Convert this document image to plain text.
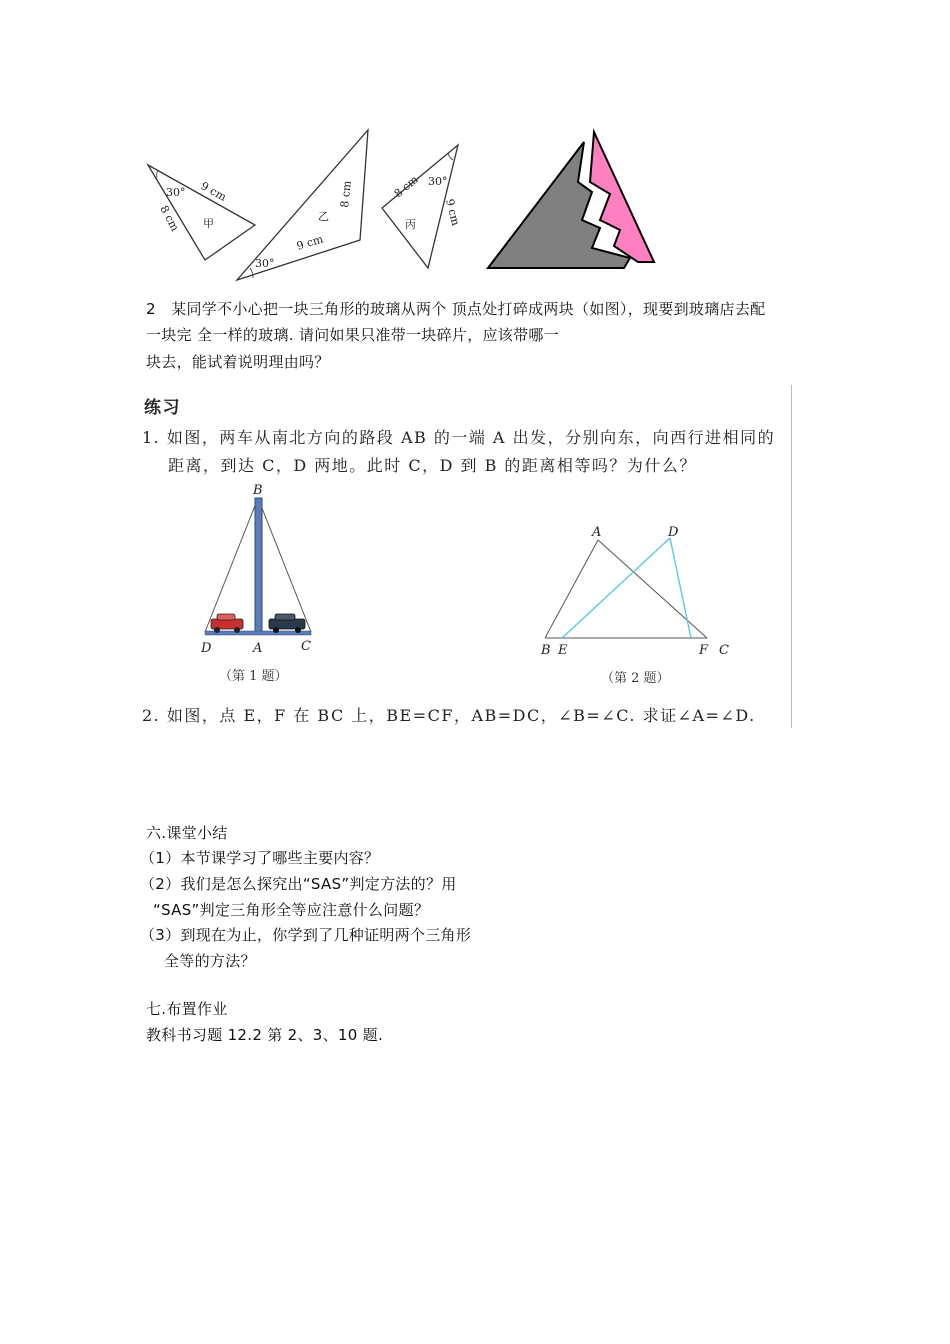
30° 9 cm
8 cm 甲
30°
8 cm
9 cm
乙
30°
8 cm
9 cm
丙
2　某同学不小心把一块三角形的玻璃从两个 顶点处打碎成两块（如图），现要到玻璃店去配
一块完 全一样的玻璃. 请问如果只准带一块碎片，应该带哪一
块去，能试着说明理由吗？
练习
1. 如图，两车从南北方向的路段 AB 的一端 A 出发，分别向东，向西行进相同的
距离，到达 C，D 两地。此时 C，D 到 B 的距离相等吗？为什么？
B
A	C
D
（第 1 题）
A	D
B E	F C
（第 2 题）
2. 如图，点 E，F 在 BC 上，BE=CF，AB=DC，∠B=∠C. 求证∠A=∠D.
六.课堂小结
（1）本节课学习了哪些主要内容？
（2）我们是怎么探究出“SAS”判定方法的？用
“SAS”判定三角形全等应注意什么问题？
（3）到现在为止，你学到了几种证明两个三角形
全等的方法？
七.布置作业
教科书习题 12.2 第 2、3、10 题.
